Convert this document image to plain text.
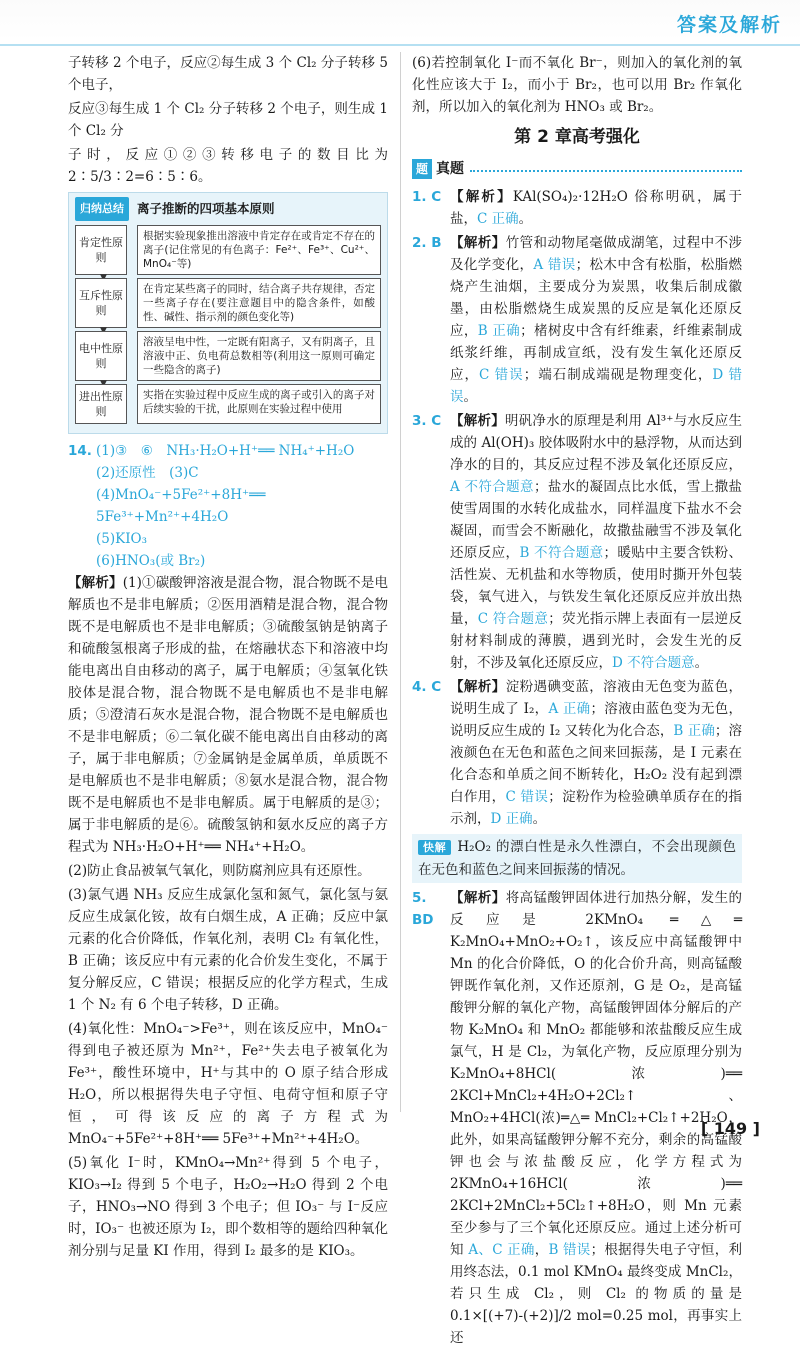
答案及解析
子转移 2 个电子，反应②每生成 3 个 Cl₂ 分子转移 5 个电子，
反应③每生成 1 个 Cl₂ 分子转移 2 个电子，则生成 1 个 Cl₂ 分
子时，反应①②③转移电子的数目比为 2∶5/3∶2=6∶5∶6。
归纳总结	离子推断的四项基本原则
肯定性原则
根据实验现象推出溶液中肯定存在或肯定不存在的离子(记住常见的有色离子：Fe²⁺、Fe³⁺、Cu²⁺、MnO₄⁻等)
互斥性原则
在肯定某些离子的同时，结合离子共存规律，否定一些离子存在(要注意题目中的隐含条件，如酸性、碱性、指示剂的颜色变化等)
电中性原则
溶液呈电中性，一定既有阳离子，又有阴离子，且溶液中正、负电荷总数相等(利用这一原则可确定一些隐含的离子)
进出性原则
实指在实验过程中反应生成的离子或引入的离子对后续实验的干扰，此原则在实验过程中使用
14. (1)③　⑥　NH₃·H₂O+H⁺══ NH₄⁺+H₂O
(2)还原性　(3)C
(4)MnO₄⁻+5Fe²⁺+8H⁺══ 5Fe³⁺+Mn²⁺+4H₂O
(5)KIO₃
(6)HNO₃(或 Br₂)
【解析】(1)①碳酸钾溶液是混合物，混合物既不是电解质也不是非电解质；②医用酒精是混合物，混合物既不是电解质也不是非电解质；③硫酸氢钠是钠离子和硫酸氢根离子形成的盐，在熔融状态下和溶液中均能电离出自由移动的离子，属于电解质；④氢氧化铁胶体是混合物，混合物既不是电解质也不是非电解质；⑤澄清石灰水是混合物，混合物既不是电解质也不是非电解质；⑥二氧化碳不能电离出自由移动的离子，属于非电解质；⑦金属钠是金属单质，单质既不是电解质也不是非电解质；⑧氨水是混合物，混合物既不是电解质也不是非电解质。属于电解质的是③；属于非电解质的是⑥。硫酸氢钠和氨水反应的离子方程式为 NH₃·H₂O+H⁺══ NH₄⁺+H₂O。
(2)防止食品被氧气氧化，则防腐剂应具有还原性。
(3)氯气遇 NH₃ 反应生成氯化氢和氮气，氯化氢与氨反应生成氯化铵，故有白烟生成，A 正确；反应中氯元素的化合价降低，作氧化剂，表明 Cl₂ 有氧化性，B 正确；该反应中有元素的化合价发生变化，不属于复分解反应，C 错误；根据反应的化学方程式，生成 1 个 N₂ 有 6 个电子转移，D 正确。
(4)氧化性：MnO₄⁻>Fe³⁺，则在该反应中，MnO₄⁻ 得到电子被还原为 Mn²⁺，Fe²⁺失去电子被氧化为 Fe³⁺，酸性环境中，H⁺与其中的 O 原子结合形成 H₂O，所以根据得失电子守恒、电荷守恒和原子守恒，可得该反应的离子方程式为 MnO₄⁻+5Fe²⁺+8H⁺══ 5Fe³⁺+Mn²⁺+4H₂O。
(5)氧化 I⁻时，KMnO₄→Mn²⁺得到 5 个电子，KIO₃→I₂ 得到 5 个电子，H₂O₂→H₂O 得到 2 个电子，HNO₃→NO 得到 3 个电子；但 IO₃⁻ 与 I⁻反应时，IO₃⁻ 也被还原为 I₂，即个数相等的题给四种氧化剂分别与足量 KI 作用，得到 I₂ 最多的是 KIO₃。
(6)若控制氧化 I⁻而不氧化 Br⁻，则加入的氧化剂的氧化性应该大于 I₂，而小于 Br₂，也可以用 Br₂ 作氧化剂，所以加入的氧化剂为 HNO₃ 或 Br₂。
第 2 章高考强化
题 真题
1. C 【解析】KAl(SO₄)₂·12H₂O 俗称明矾，属于盐，C 正确。
2. B 【解析】竹管和动物尾毫做成湖笔，过程中不涉及化学变化，A 错误；松木中含有松脂，松脂燃烧产生油烟，主要成分为炭黑，收集后制成徽墨，由松脂燃烧生成炭黑的反应是氧化还原反应，B 正确；楮树皮中含有纤维素，纤维素制成纸浆纤维，再制成宣纸，没有发生氧化还原反应，C 错误；端石制成端砚是物理变化，D 错误。
3. C 【解析】明矾净水的原理是利用 Al³⁺与水反应生成的 Al(OH)₃ 胶体吸附水中的悬浮物，从而达到净水的目的，其反应过程不涉及氧化还原反应，A 不符合题意；盐水的凝固点比水低，雪上撒盐使雪周围的水转化成盐水，同样温度下盐水不会凝固，而雪会不断融化，故撒盐融雪不涉及氧化还原反应，B 不符合题意；暖贴中主要含铁粉、活性炭、无机盐和水等物质，使用时撕开外包装袋，氧气进入，与铁发生氧化还原反应并放出热量，C 符合题意；荧光指示牌上表面有一层逆反射材料制成的薄膜，遇到光时，会发生光的反射，不涉及氧化还原反应，D 不符合题意。
4. C 【解析】淀粉遇碘变蓝，溶液由无色变为蓝色，说明生成了 I₂，A 正确；溶液由蓝色变为无色，说明反应生成的 I₂ 又转化为化合态，B 正确；溶液颜色在无色和蓝色之间来回振荡，是 I 元素在化合态和单质之间不断转化，H₂O₂ 没有起到漂白作用，C 错误；淀粉作为检验碘单质存在的指示剂，D 正确。
快解 H₂O₂ 的漂白性是永久性漂白，不会出现颜色在无色和蓝色之间来回振荡的情况。
5. BD
【解析】将高锰酸钾固体进行加热分解，发生的反应是 2KMnO₄ ═△═ K₂MnO₄+MnO₂+O₂↑，该反应中高锰酸钾中 Mn 的化合价降低，O 的化合价升高，则高锰酸钾既作氧化剂，又作还原剂，G 是 O₂，是高锰酸钾分解的氧化产物，高锰酸钾固体分解后的产物 K₂MnO₄ 和 MnO₂ 都能够和浓盐酸反应生成氯气，H 是 Cl₂，为氧化产物，反应原理分别为 K₂MnO₄+8HCl(浓)══ 2KCl+MnCl₂+4H₂O+2Cl₂↑、MnO₂+4HCl(浓)═△═ MnCl₂+Cl₂↑+2H₂O，此外，如果高锰酸钾分解不充分，剩余的高锰酸钾也会与浓盐酸反应，化学方程式为 2KMnO₄+16HCl(浓)══ 2KCl+2MnCl₂+5Cl₂↑+8H₂O，则 Mn 元素至少参与了三个氧化还原反应。通过上述分析可知 A、C 正确，B 错误；根据得失电子守恒，利用终态法，0.1 mol KMnO₄ 最终变成 MnCl₂，若只生成 Cl₂，则 Cl₂ 的物质的量是 0.1×[(+7)-(+2)]/2 mol=0.25 mol，再事实上还
[ 149 ]
